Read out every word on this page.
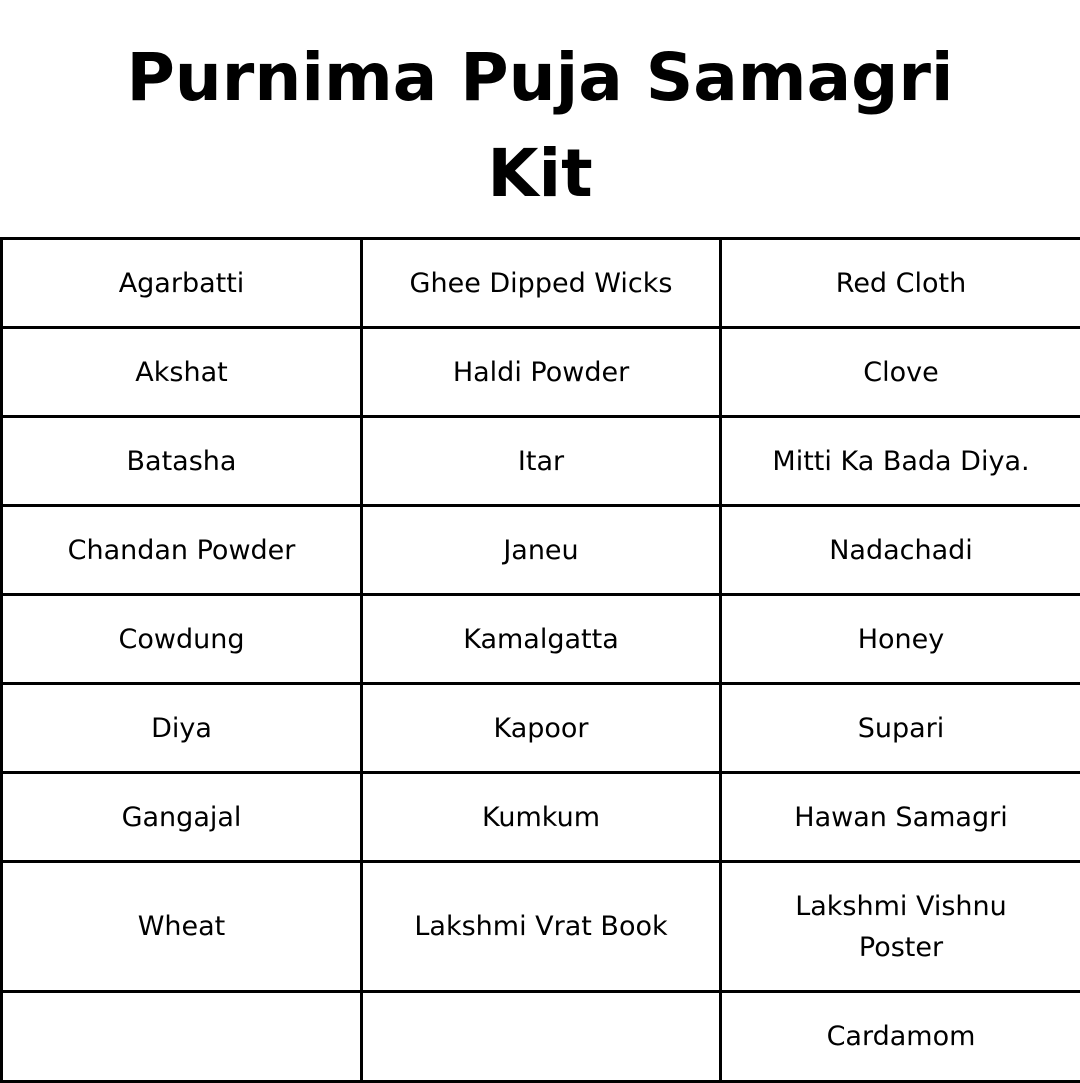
Purnima Puja Samagri
Kit
Agarbatti	Ghee Dipped Wicks	Red Cloth
Akshat	Haldi Powder	Clove
Batasha	Itar	Mitti Ka Bada Diya.
Chandan Powder	Janeu	Nadachadi
Cowdung	Kamalgatta	Honey
Diya	Kapoor	Supari
Gangajal	Kumkum	Hawan Samagri
Wheat	Lakshmi Vrat Book	Lakshmi Vishnu Poster
		Cardamom
